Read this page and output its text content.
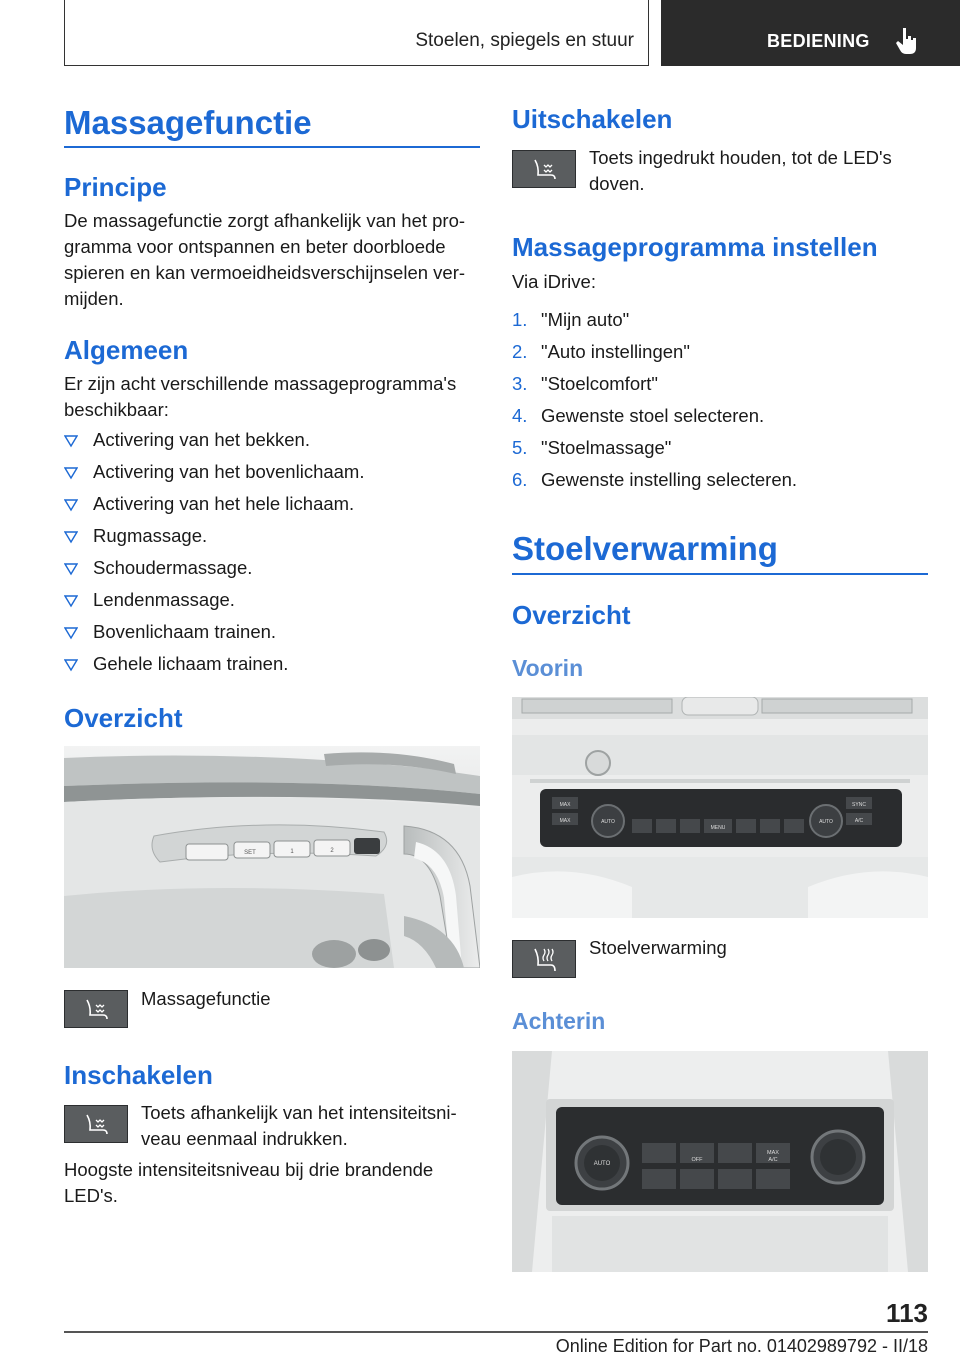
Stoelen, spiegels en stuur	BEDIENING
Massagefunctie
Principe
De massagefunctie zorgt afhankelijk van het pro-
gramma voor ontspannen en beter doorbloede
spieren en kan vermoeidheidsverschijnselen ver-
mijden.
Algemeen
Er zijn acht verschillende massageprogramma's
beschikbaar:
Activering van het bekken.
Activering van het bovenlichaam.
Activering van het hele lichaam.
Rugmassage.
Schoudermassage.
Lendenmassage.
Bovenlichaam trainen.
Gehele lichaam trainen.
Overzicht
SET	1	2
Massagefunctie
Inschakelen
Toets afhankelijk van het intensiteitsni-
veau eenmaal indrukken.
Hoogste intensiteitsniveau bij drie brandende
LED's.
Uitschakelen
Toets ingedrukt houden, tot de LED's
doven.
Massageprogramma instellen
Via iDrive:
1. "Mijn auto"
2. "Auto instellingen"
3. "Stoelcomfort"
4. Gewenste stoel selecteren.
5. "Stoelmassage"
6. Gewenste instelling selecteren.
Stoelverwarming
Overzicht
Voorin
MAX
MAX	AUTO	AUTO
SYNC
MENU
A/C
Stoelverwarming
Achterin
OFF
MAX
A/C
AUTO
113
Online Edition for Part no. 01402989792 - II/18
